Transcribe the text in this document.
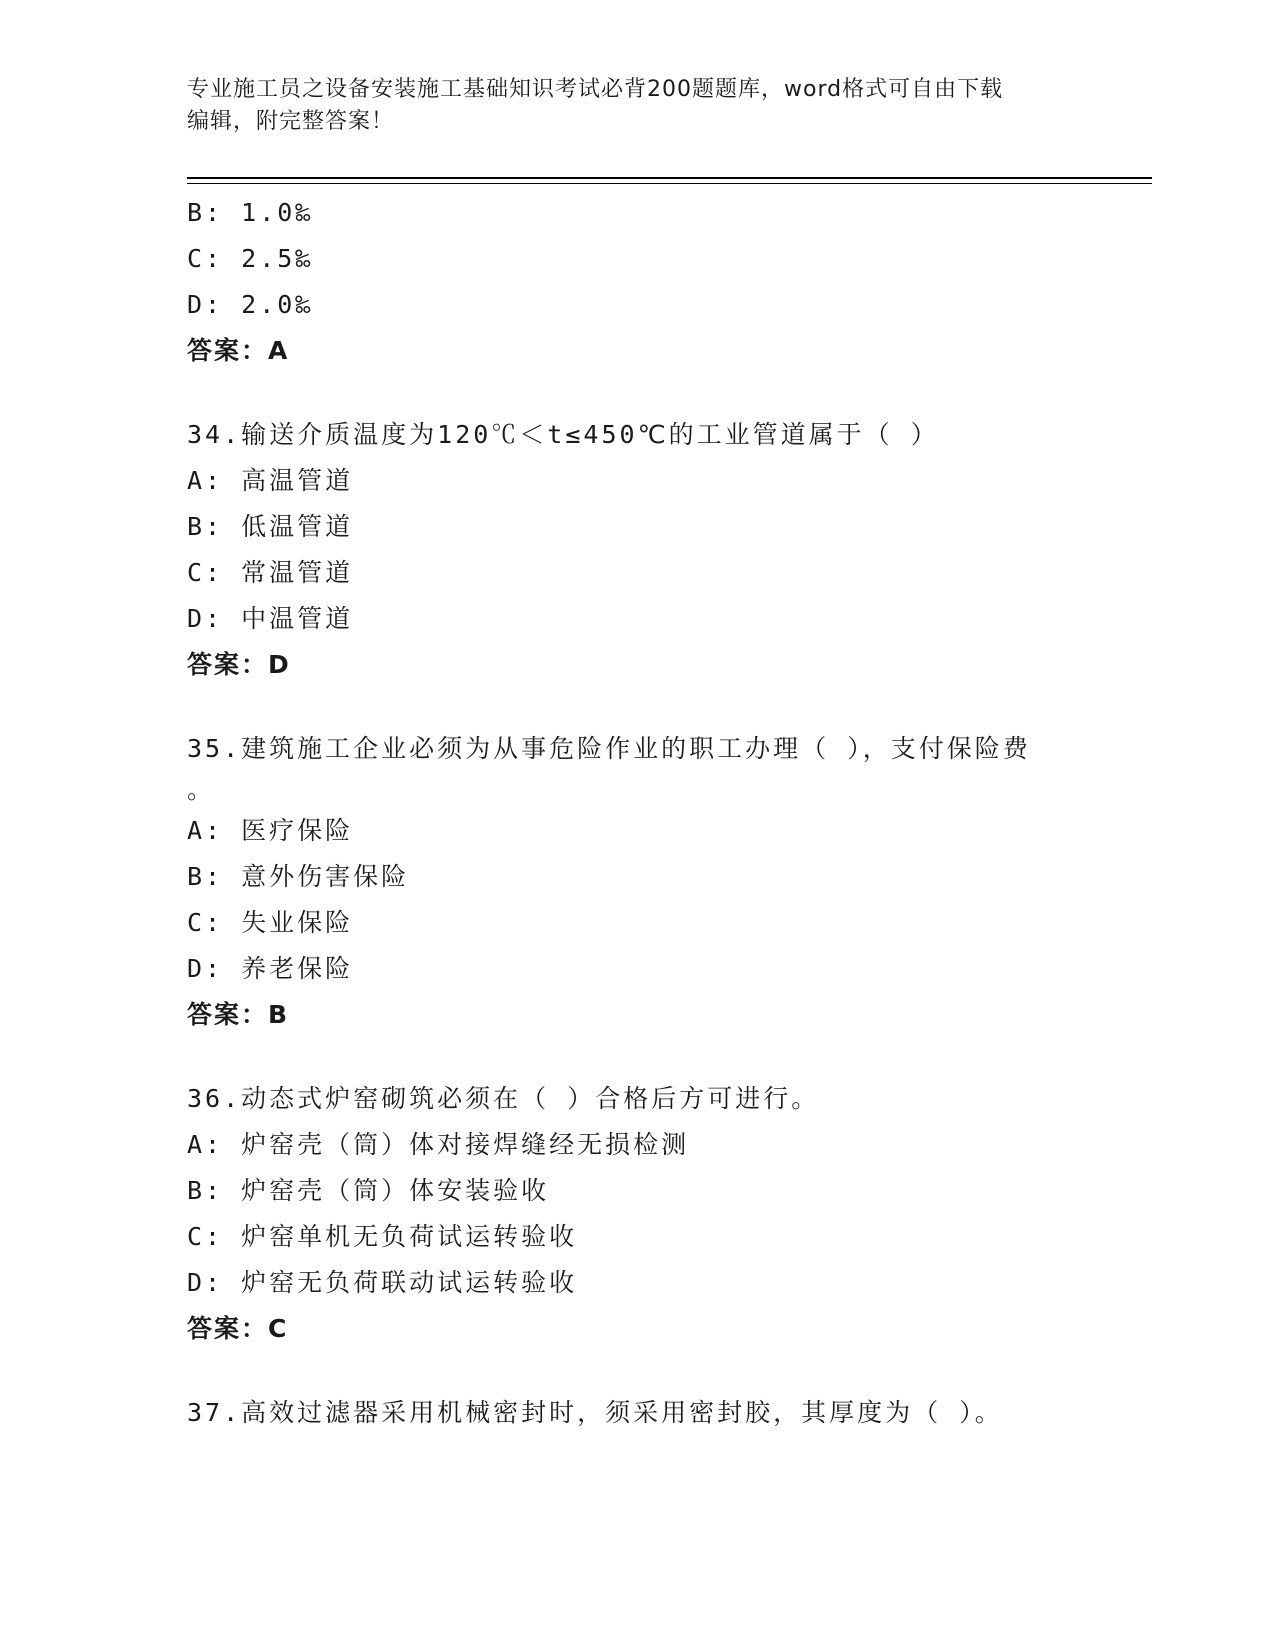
专业施工员之设备安装施工基础知识考试必背200题题库，word格式可自由下载
编辑，附完整答案！
B: 1.0‰
C: 2.5‰
D: 2.0‰
答案：A
34.输送介质温度为120℃＜t≤450℃的工业管道属于（ ）
A: 高温管道
B: 低温管道
C: 常温管道
D: 中温管道
答案：D
35.建筑施工企业必须为从事危险作业的职工办理（ ），支付保险费
。
A: 医疗保险
B: 意外伤害保险
C: 失业保险
D: 养老保险
答案：B
36.动态式炉窑砌筑必须在（ ）合格后方可进行。
A: 炉窑壳（筒）体对接焊缝经无损检测
B: 炉窑壳（筒）体安装验收
C: 炉窑单机无负荷试运转验收
D: 炉窑无负荷联动试运转验收
答案：C
37.高效过滤器采用机械密封时，须采用密封胶，其厚度为（ ）。
